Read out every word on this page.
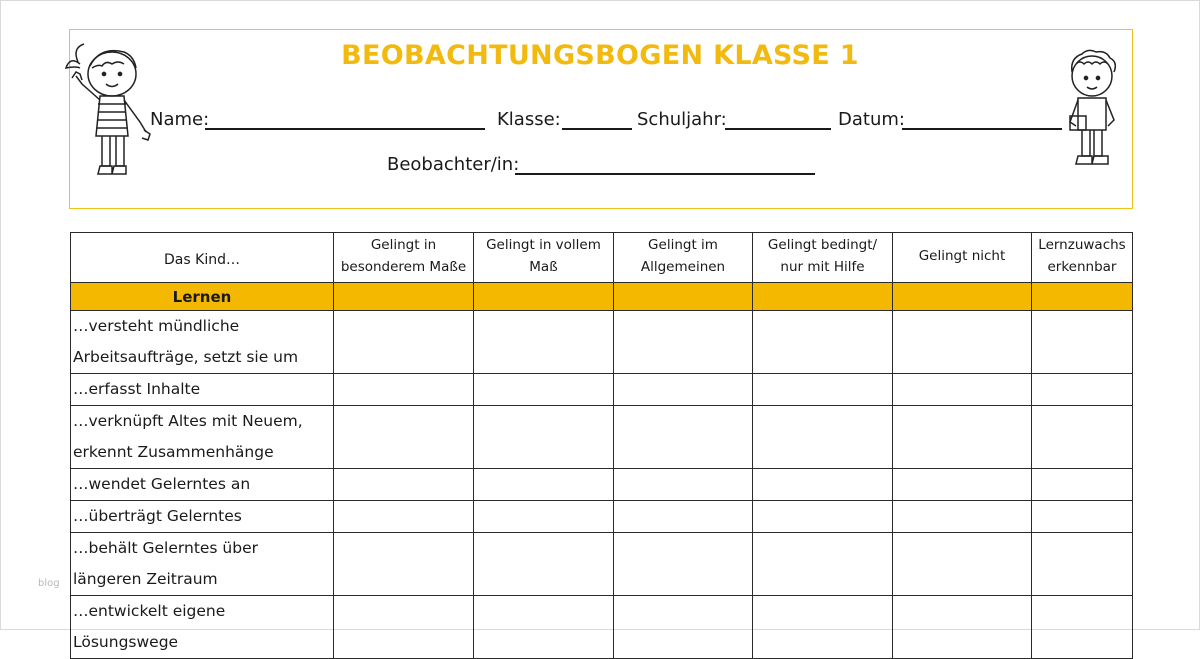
BEOBACHTUNGSBOGEN KLASSE 1
Name:	Klasse:	Schuljahr:	Datum:
Beobachter/in:
Das Kind…	Gelingt in besonderem Maße	Gelingt in vollem Maß	Gelingt im Allgemeinen	Gelingt bedingt/ nur mit Hilfe	Gelingt nicht	Lernzuwachs erkennbar
Lernen						
…versteht mündliche Arbeitsaufträge, setzt sie um						
…erfasst Inhalte						
…verknüpft Altes mit Neuem, erkennt Zusammenhänge						
…wendet Gelerntes an						
…überträgt Gelerntes						
…behält Gelerntes über längeren Zeitraum						
…entwickelt eigene Lösungswege						
blog
